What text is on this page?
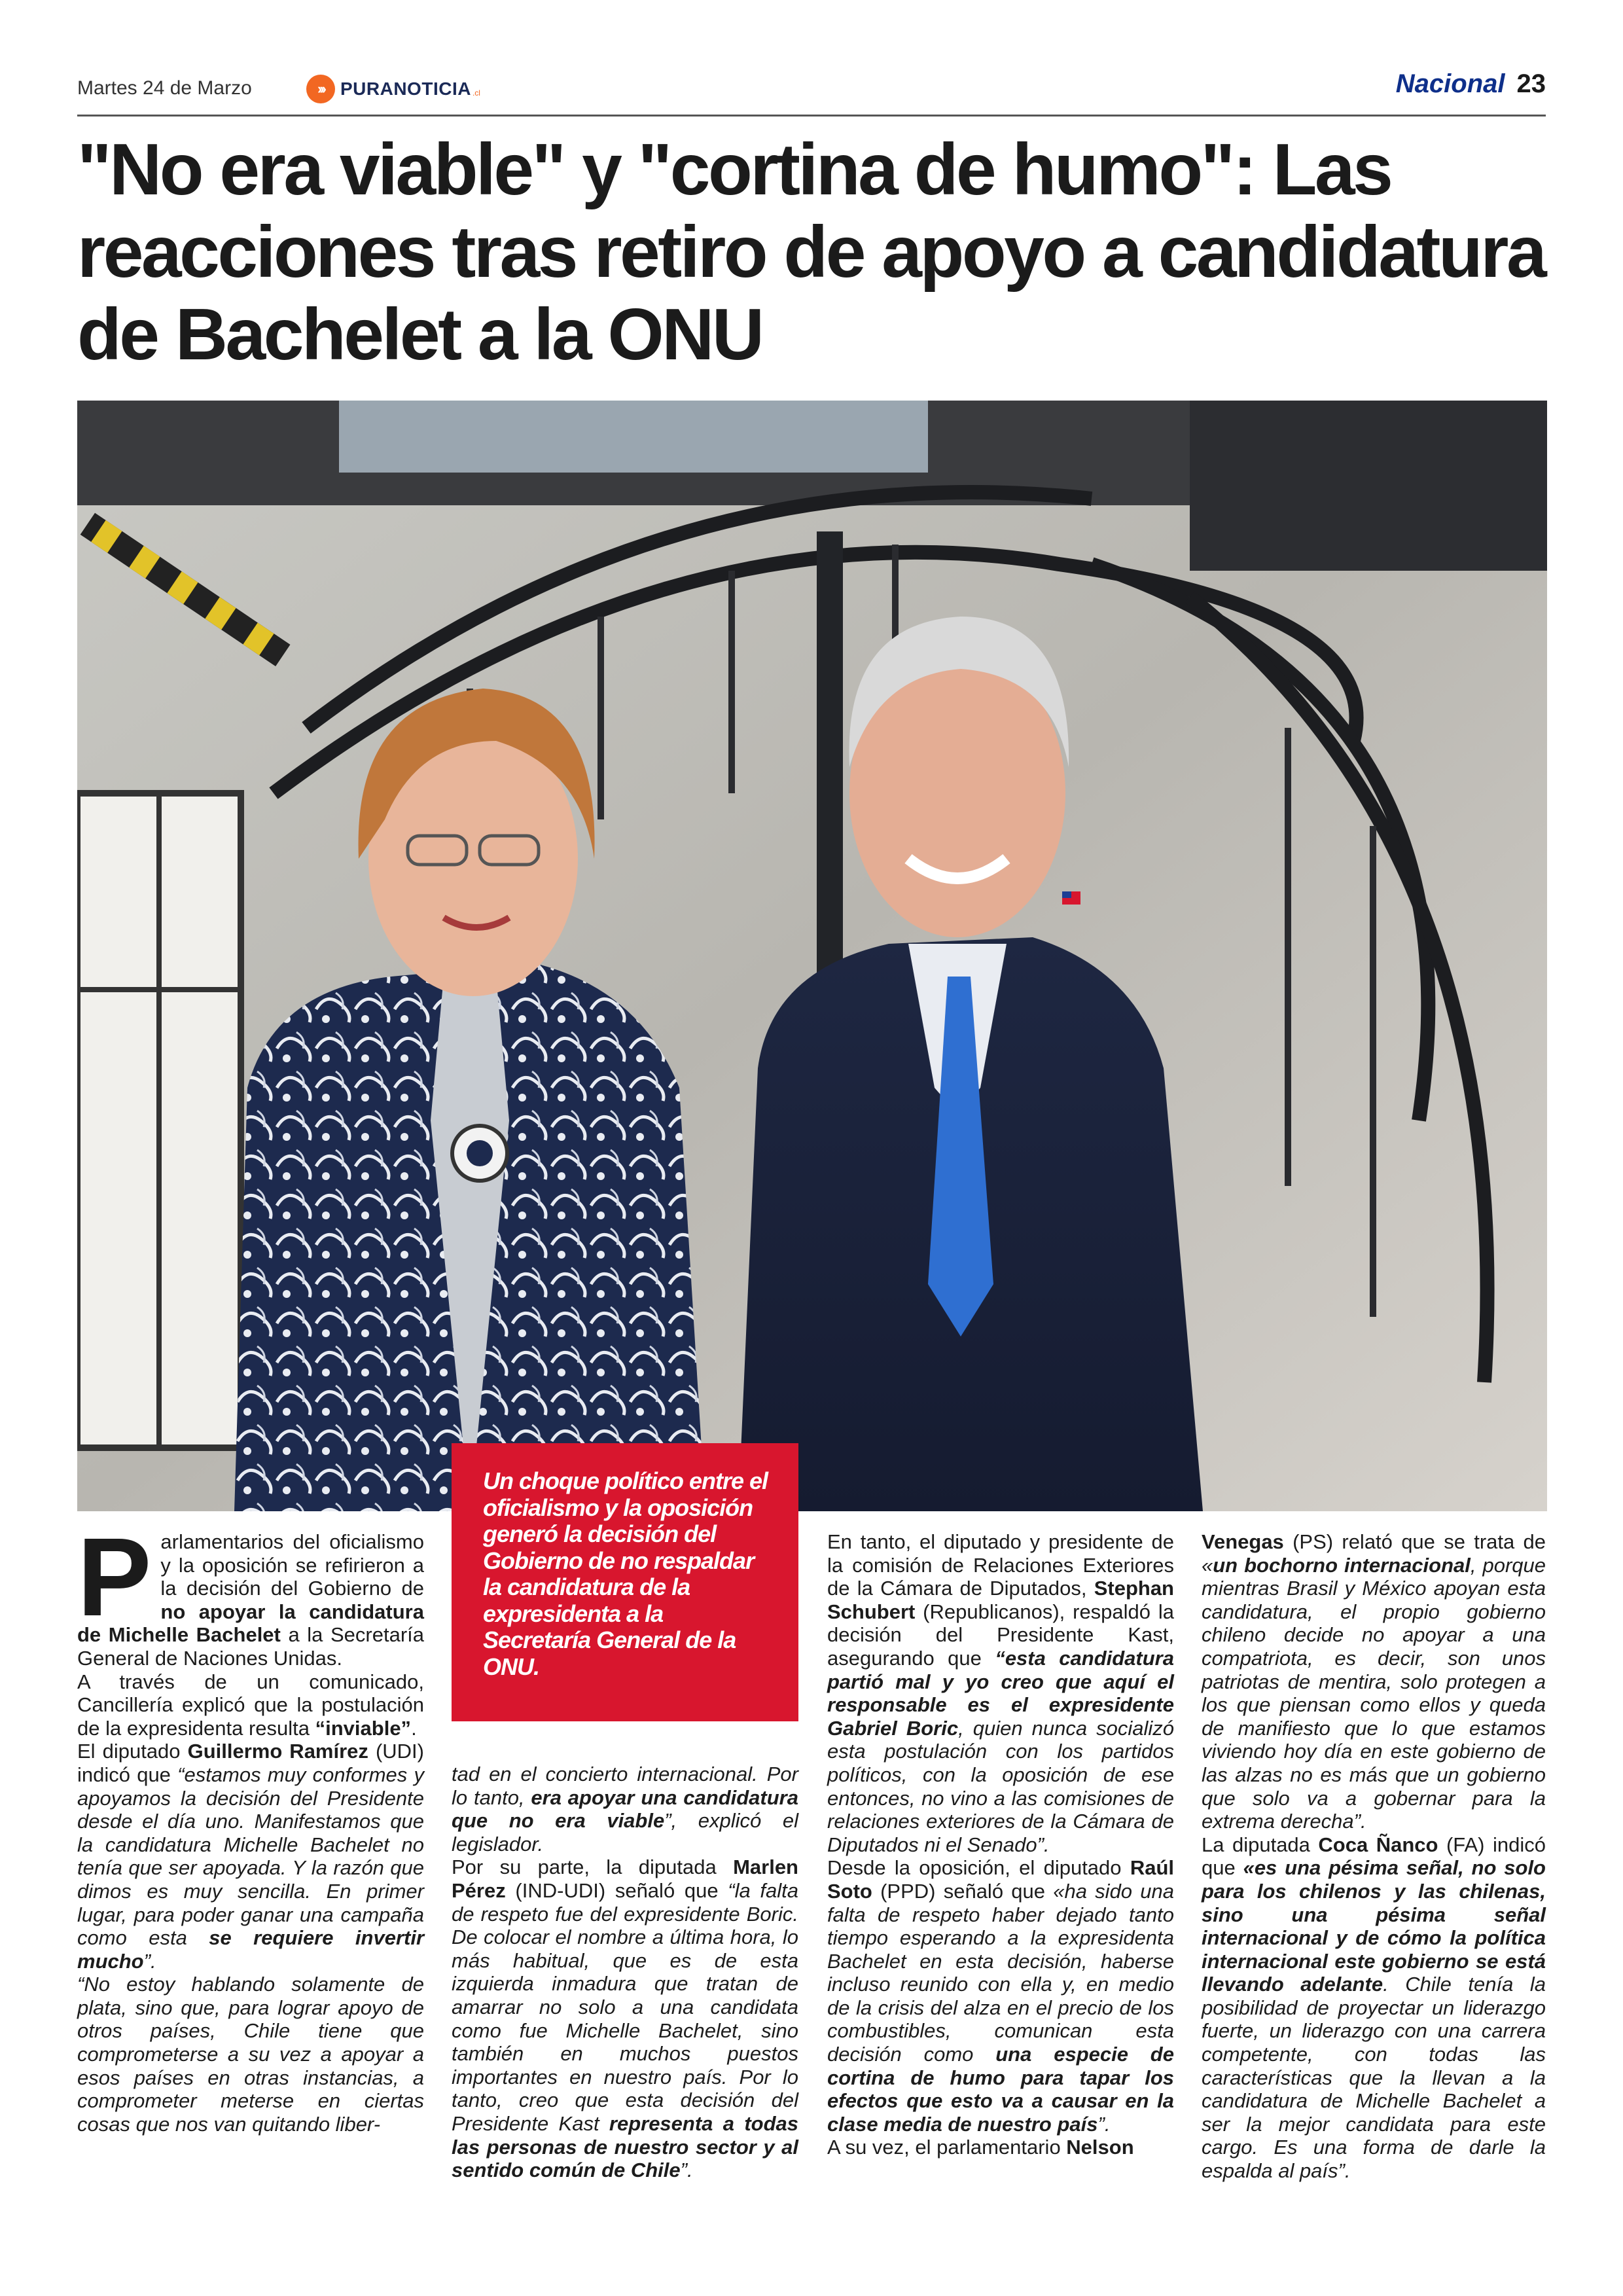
Martes 24 de Marzo	››› PURANOTICIA .cl	Nacional 23
"No era viable" y "cortina de humo": Las reacciones tras retiro de apoyo a candidatura de Bachelet a la ONU

Un choque político entre el oficialismo y la oposición generó la decisión del Gobierno de no respaldar la candidatura de la expresidenta a la Secretaría General de la ONU.

Parlamentarios del oficialismo y la oposición se refirieron a la decisión del Gobierno de no apoyar la candidatura de Michelle Bachelet a la Secretaría General de Naciones Unidas.

A través de un comunicado, Cancillería explicó que la postulación de la expresidenta resulta “inviable”.

El diputado Guillermo Ramírez (UDI) indicó que “estamos muy conformes y apoyamos la decisión del Presidente desde el día uno. Manifestamos que la candidatura Michelle Bachelet no tenía que ser apoyada. Y la razón que dimos es muy sencilla. En primer lugar, para poder ganar una campaña como esta se requiere invertir mucho”.

“No estoy hablando solamente de plata, sino que, para lograr apoyo de otros países, Chile tiene que comprometerse a su vez a apoyar a esos países en otras instancias, a comprometer meterse en ciertas cosas que nos van quitando liber-

tad en el concierto internacional. Por lo tanto, era apoyar una candidatura que no era viable”, explicó el legislador.

Por su parte, la diputada Marlen Pérez (IND-UDI) señaló que “la falta de respeto fue del expresidente Boric. De colocar el nombre a última hora, lo más habitual, que es de esta izquierda inmadura que tratan de amarrar no solo a una candidata como fue Michelle Bachelet, sino también en muchos puestos importantes en nuestro país. Por lo tanto, creo que esta decisión del Presidente Kast representa a todas las personas de nuestro sector y al sentido común de Chile”.

En tanto, el diputado y presidente de la comisión de Relaciones Exteriores de la Cámara de Diputados, Stephan Schubert (Republicanos), respaldó la decisión del Presidente Kast, asegurando que “esta candidatura partió mal y yo creo que aquí el responsable es el expresidente Gabriel Boric, quien nunca socializó esta postulación con los partidos políticos, con la oposición de ese entonces, no vino a las comisiones de relaciones exteriores de la Cámara de Diputados ni el Senado”.

Desde la oposición, el diputado Raúl Soto (PPD) señaló que «ha sido una falta de respeto haber dejado tanto tiempo esperando a la expresidenta Bachelet en esta decisión, haberse incluso reunido con ella y, en medio de la crisis del alza en el precio de los combustibles, comunican esta decisión como una especie de cortina de humo para tapar los efectos que esto va a causar en la clase media de nuestro país”.

A su vez, el parlamentario Nelson

Venegas (PS) relató que se trata de «un bochorno internacional, porque mientras Brasil y México apoyan esta candidatura, el propio gobierno chileno decide no apoyar a una compatriota, es decir, son unos patriotas de mentira, solo protegen a los que piensan como ellos y queda de manifiesto que lo que estamos viviendo hoy día en este gobierno de las alzas no es más que un gobierno que solo va a gobernar para la extrema derecha”.

La diputada Coca Ñanco (FA) indicó que «es una pésima señal, no solo para los chilenos y las chilenas, sino una pésima señal internacional y de cómo la política internacional este gobierno se está llevando adelante. Chile tenía la posibilidad de proyectar un liderazgo fuerte, un liderazgo con una carrera competente, con todas las características que la llevan a la candidatura de Michelle Bachelet a ser la mejor candidata para este cargo. Es una forma de darle la espalda al país”.
